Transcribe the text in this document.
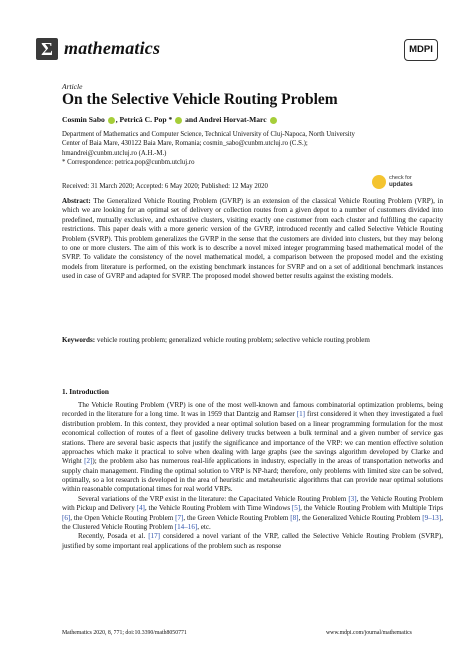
Σ mathematics	MDPI
Article
On the Selective Vehicle Routing Problem
Cosmin Sabo , Petrică C. Pop * and Andrei Horvat-Marc
Department of Mathematics and Computer Science, Technical University of Cluj-Napoca, North University
Center of Baia Mare, 430122 Baia Mare, Romania; cosmin_sabo@cunbm.utcluj.ro (C.S.);
hmandrei@cunbm.utcluj.ro (A.H.-M.)
* Correspondence: petrica.pop@cunbm.utcluj.ro
Received: 31 March 2020; Accepted: 6 May 2020; Published: 12 May 2020
check for
updates
Abstract: The Generalized Vehicle Routing Problem (GVRP) is an extension of the classical Vehicle Routing Problem (VRP), in which we are looking for an optimal set of delivery or collection routes from a given depot to a number of customers divided into predefined, mutually exclusive, and exhaustive clusters, visiting exactly one customer from each cluster and fulfilling the capacity restrictions. This paper deals with a more generic version of the GVRP, introduced recently and called Selective Vehicle Routing Problem (SVRP). This problem generalizes the GVRP in the sense that the customers are divided into clusters, but they may belong to one or more clusters. The aim of this work is to describe a novel mixed integer programming based mathematical model of the SVRP. To validate the consistency of the novel mathematical model, a comparison between the proposed model and the existing models from literature is performed, on the existing benchmark instances for SVRP and on a set of additional benchmark instances used in case of GVRP and adapted for SVRP. The proposed model showed better results against the existing models.
Keywords: vehicle routing problem; generalized vehicle routing problem; selective vehicle routing problem
1. Introduction

The Vehicle Routing Problem (VRP) is one of the most well-known and famous combinatorial optimization problems, being recorded in the literature for a long time. It was in 1959 that Dantzig and Ramser [1] first considered it when they investigated a fuel distribution problem. In this context, they provided a near optimal solution based on a linear programming formulation for the most economical collection of routes of a fleet of gasoline delivery trucks between a bulk terminal and a given number of service gas stations. There are several basic aspects that justify the significance and importance of the VRP: we can mention effective solution approaches which make it practical to solve when dealing with large graphs (see the savings algorithm developed by Clarke and Wright [2]); the problem also has numerous real-life applications in industry, especially in the areas of transportation networks and supply chain management. Finding the optimal solution to VRP is NP-hard; therefore, only problems with limited size can be solved, optimally, so a lot research is developed in the area of heuristic and metaheuristic algorithms that can provide near optimal solutions within reasonable computational times for real world VRPs.

Several variations of the VRP exist in the literature: the Capacitated Vehicle Routing Problem [3], the Vehicle Routing Problem with Pickup and Delivery [4], the Vehicle Routing Problem with Time Windows [5], the Vehicle Routing Problem with Multiple Trips [6], the Open Vehicle Routing Problem [7], the Green Vehicle Routing Problem [8], the Generalized Vehicle Routing Problem [9–13], the Clustered Vehicle Routing Problem [14–16], etc.

Recently, Posada et al. [17] considered a novel variant of the VRP, called the Selective Vehicle Routing Problem (SVRP), justified by some important real applications of the problem such as response

Mathematics 2020, 8, 771; doi:10.3390/math8050771	www.mdpi.com/journal/mathematics
